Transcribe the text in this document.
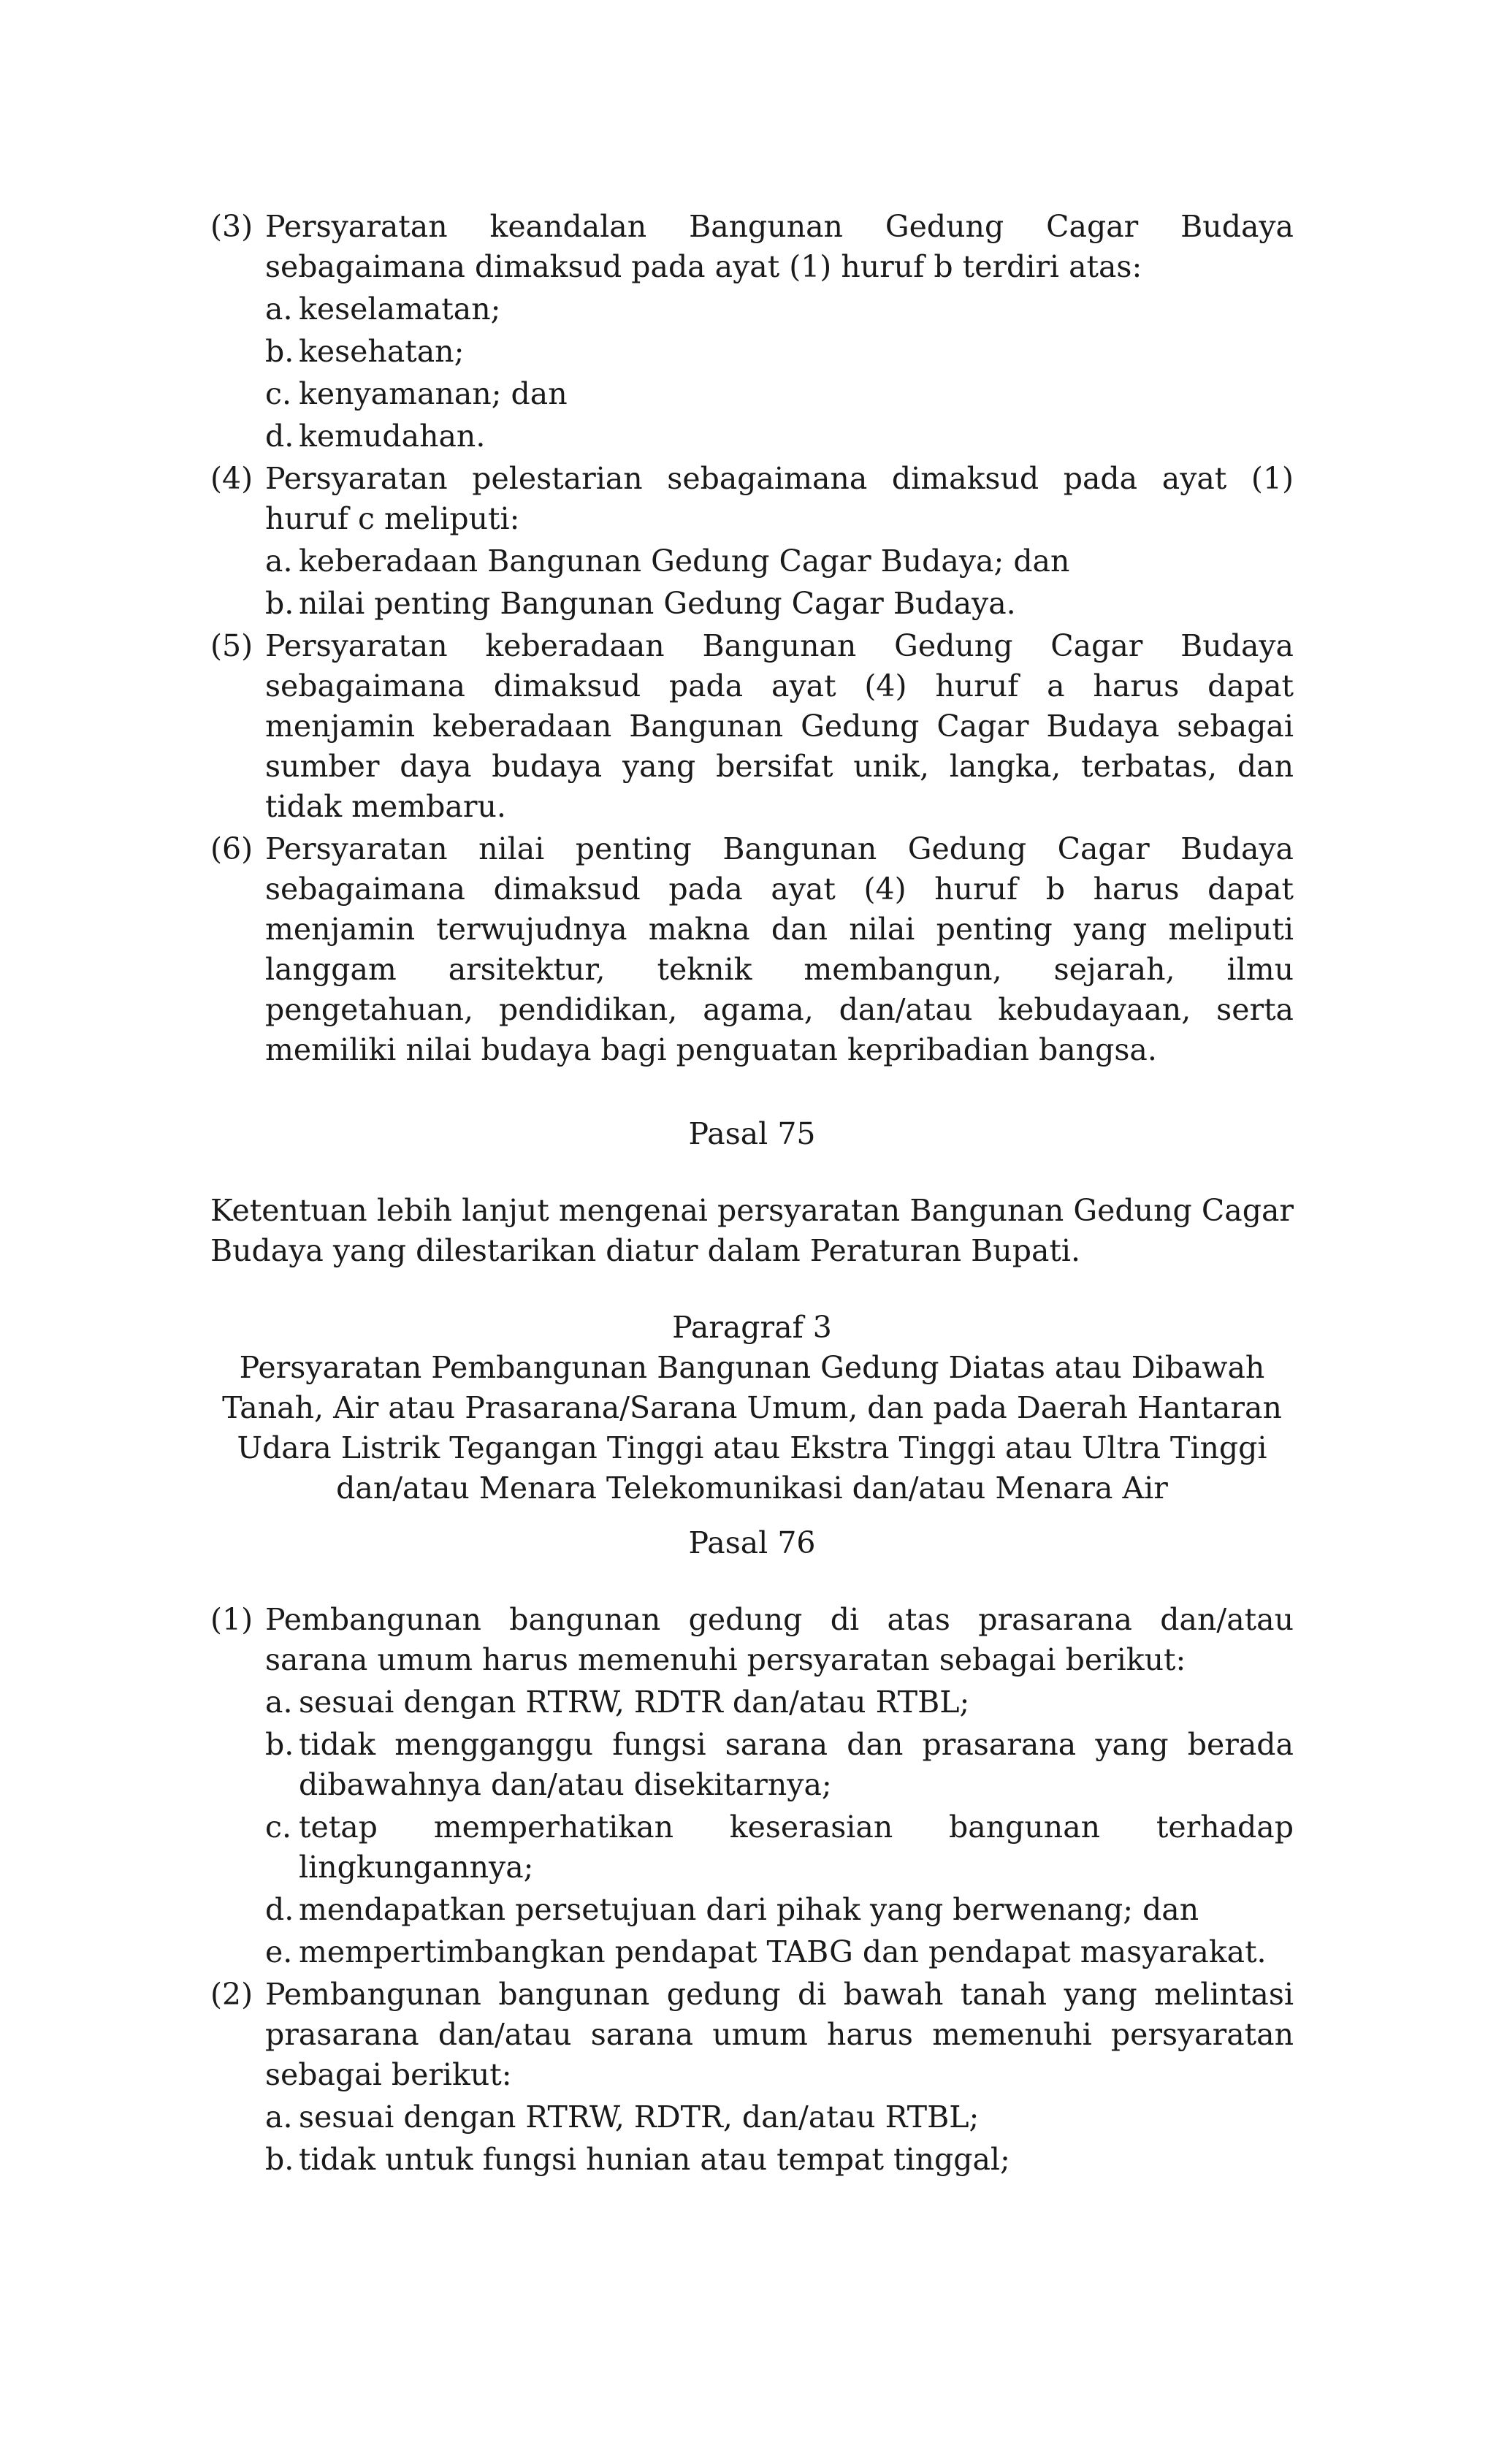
(3) Persyaratan keandalan Bangunan Gedung Cagar Budaya sebagaimana dimaksud pada ayat (1) huruf b terdiri atas:
a. keselamatan;
b. kesehatan;
c. kenyamanan; dan
d. kemudahan.
(4) Persyaratan pelestarian sebagaimana dimaksud pada ayat (1) huruf c meliputi:
a. keberadaan Bangunan Gedung Cagar Budaya; dan
b. nilai penting Bangunan Gedung Cagar Budaya.
(5) Persyaratan keberadaan Bangunan Gedung Cagar Budaya sebagaimana dimaksud pada ayat (4) huruf a harus dapat menjamin keberadaan Bangunan Gedung Cagar Budaya sebagai sumber daya budaya yang bersifat unik, langka, terbatas, dan tidak membaru.
(6) Persyaratan nilai penting Bangunan Gedung Cagar Budaya sebagaimana dimaksud pada ayat (4) huruf b harus dapat menjamin terwujudnya makna dan nilai penting yang meliputi langgam arsitektur, teknik membangun, sejarah, ilmu pengetahuan, pendidikan, agama, dan/atau kebudayaan, serta memiliki nilai budaya bagi penguatan kepribadian bangsa.
Pasal 75
Ketentuan lebih lanjut mengenai persyaratan Bangunan Gedung Cagar Budaya yang dilestarikan diatur dalam Peraturan Bupati.
Paragraf 3
Persyaratan Pembangunan Bangunan Gedung Diatas atau Dibawah
Tanah, Air atau Prasarana/Sarana Umum, dan pada Daerah Hantaran
Udara Listrik Tegangan Tinggi atau Ekstra Tinggi atau Ultra Tinggi
dan/atau Menara Telekomunikasi dan/atau Menara Air
Pasal 76
(1) Pembangunan bangunan gedung di atas prasarana dan/atau sarana umum harus memenuhi persyaratan sebagai berikut:
a. sesuai dengan RTRW, RDTR dan/atau RTBL;
b. tidak mengganggu fungsi sarana dan prasarana yang berada dibawahnya dan/atau disekitarnya;
c. tetap memperhatikan keserasian bangunan terhadap lingkungannya;
d. mendapatkan persetujuan dari pihak yang berwenang; dan
e. mempertimbangkan pendapat TABG dan pendapat masyarakat.
(2) Pembangunan bangunan gedung di bawah tanah yang melintasi prasarana dan/atau sarana umum harus memenuhi persyaratan sebagai berikut:
a. sesuai dengan RTRW, RDTR, dan/atau RTBL;
b. tidak untuk fungsi hunian atau tempat tinggal;
